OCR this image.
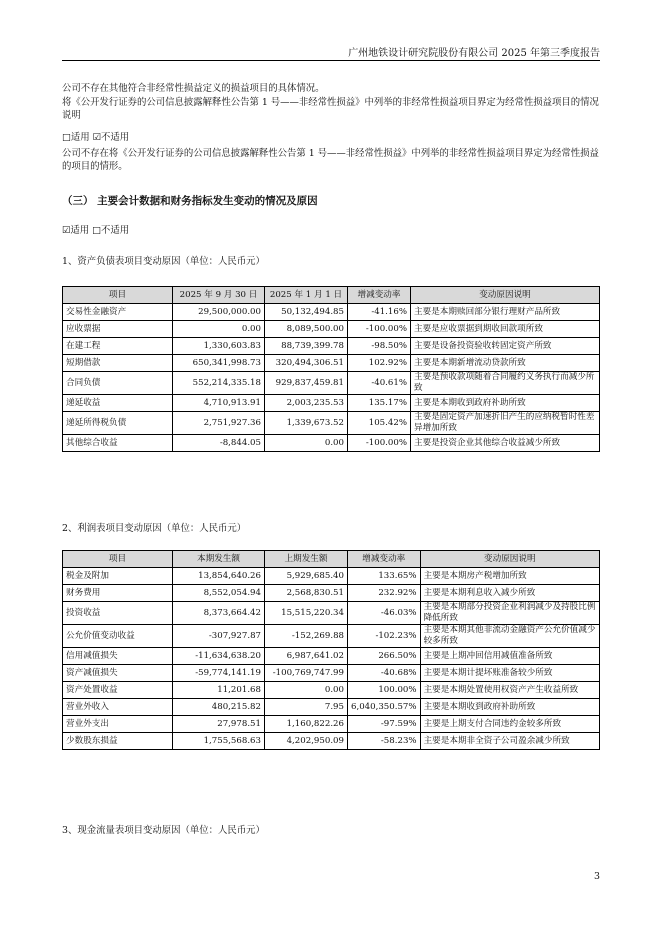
广州地铁设计研究院股份有限公司 2025 年第三季度报告
公司不存在其他符合非经常性损益定义的损益项目的具体情况。
将《公开发行证券的公司信息披露解释性公告第 1 号——非经常性损益》中列举的非经常性损益项目界定为经常性损益项目的情况说明
□适用 ☑不适用
公司不存在将《公开发行证券的公司信息披露解释性公告第 1 号——非经常性损益》中列举的非经常性损益项目界定为经常性损益的项目的情形。
（三） 主要会计数据和财务指标发生变动的情况及原因
☑适用 □不适用
1、资产负债表项目变动原因（单位：人民币元）
项目	2025 年 9 月 30 日	2025 年 1 月 1 日	增减变动率	变动原因说明
交易性金融资产	29,500,000.00	50,132,494.85	-41.16%	主要是本期赎回部分银行理财产品所致
应收票据	0.00	8,089,500.00	-100.00%	主要是应收票据到期收回款项所致
在建工程	1,330,603.83	88,739,399.78	-98.50%	主要是设备投资验收转固定资产所致
短期借款	650,341,998.73	320,494,306.51	102.92%	主要是本期新增流动贷款所致
合同负债	552,214,335.18	929,837,459.81	-40.61%	主要是预收款项随着合同履约义务执行而减少所致
递延收益	4,710,913.91	2,003,235.53	135.17%	主要是本期收到政府补助所致
递延所得税负债	2,751,927.36	1,339,673.52	105.42%	主要是固定资产加速折旧产生的应纳税暂时性差异增加所致
其他综合收益	-8,844.05	0.00	-100.00%	主要是投资企业其他综合收益减少所致
2、利润表项目变动原因（单位：人民币元）
项目	本期发生额	上期发生额	增减变动率	变动原因说明
税金及附加	13,854,640.26	5,929,685.40	133.65%	主要是本期房产税增加所致
财务费用	8,552,054.94	2,568,830.51	232.92%	主要是本期利息收入减少所致
投资收益	8,373,664.42	15,515,220.34	-46.03%	主要是本期部分投资企业利润减少及持股比例降低所致
公允价值变动收益	-307,927.87	-152,269.88	-102.23%	主要是本期其他非流动金融资产公允价值减少较多所致
信用减值损失	-11,634,638.20	6,987,641.02	266.50%	主要是上期冲回信用减值准备所致
资产减值损失	-59,774,141.19	-100,769,747.99	-40.68%	主要是本期计提坏账准备较少所致
资产处置收益	11,201.68	0.00	100.00%	主要是本期处置使用权资产产生收益所致
营业外收入	480,215.82	7.95	6,040,350.57%	主要是本期收到政府补助所致
营业外支出	27,978.51	1,160,822.26	-97.59%	主要是上期支付合同违约金较多所致
少数股东损益	1,755,568.63	4,202,950.09	-58.23%	主要是本期非全资子公司盈余减少所致
3、现金流量表项目变动原因（单位：人民币元）
3
